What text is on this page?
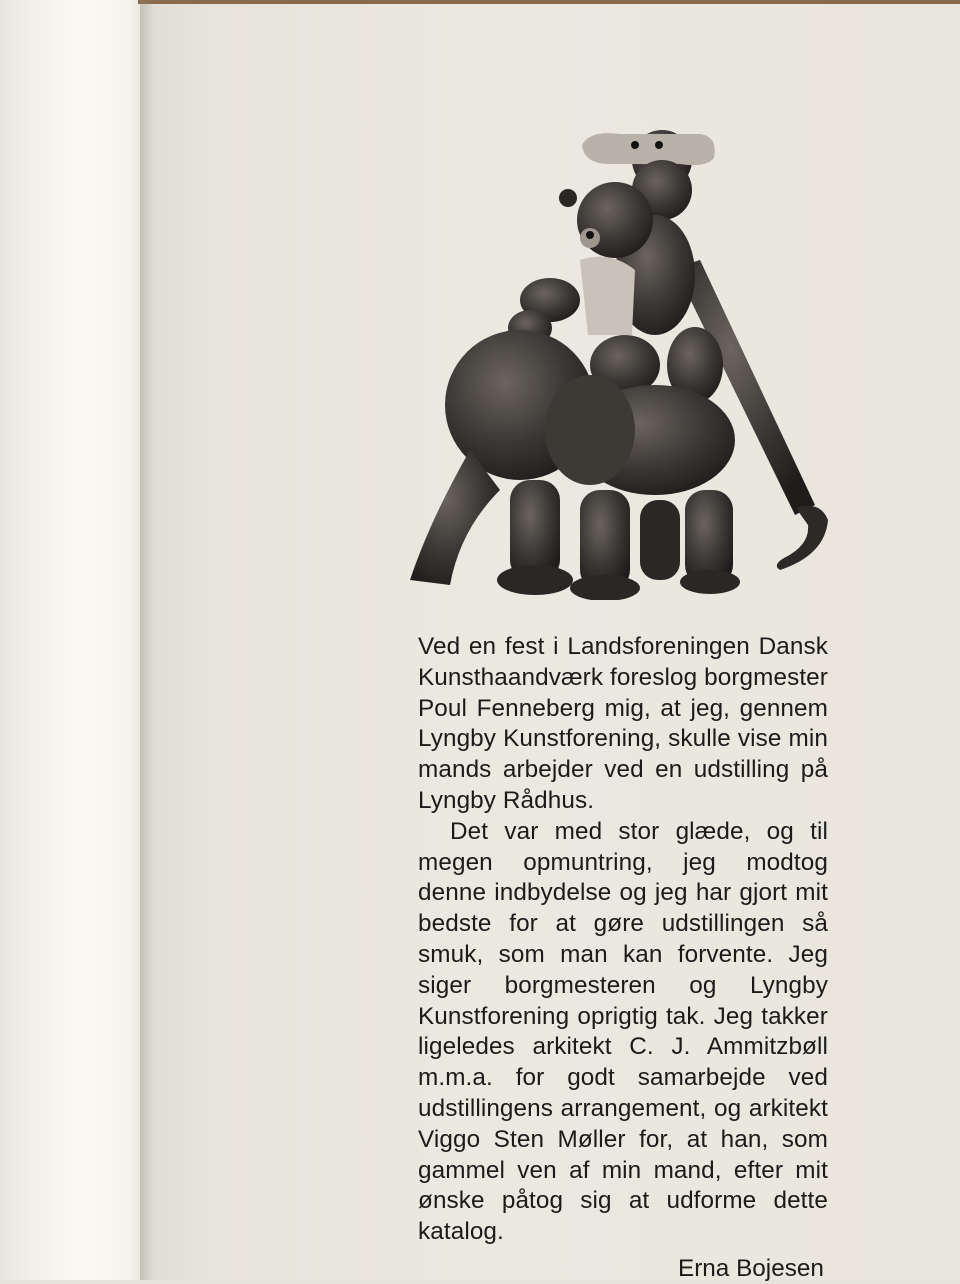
Ved en fest i Landsforeningen Dansk Kunsthaandværk foreslog borgmester Poul Fenneberg mig, at jeg, gennem Lyngby Kunstforening, skulle vise min mands arbejder ved en udstilling på Lyngby Rådhus.

Det var med stor glæde, og til megen opmuntring, jeg modtog denne indbydelse og jeg har gjort mit bedste for at gøre udstillingen så smuk, som man kan forvente. Jeg siger borgmesteren og Lyngby Kunstforening oprigtig tak. Jeg takker ligeledes arkitekt C. J. Ammitzbøll m.m.a. for godt samarbejde ved udstillingens arrangement, og arkitekt Viggo Sten Møller for, at han, som gammel ven af min mand, efter mit ønske påtog sig at udforme dette katalog.

Erna Bojesen
